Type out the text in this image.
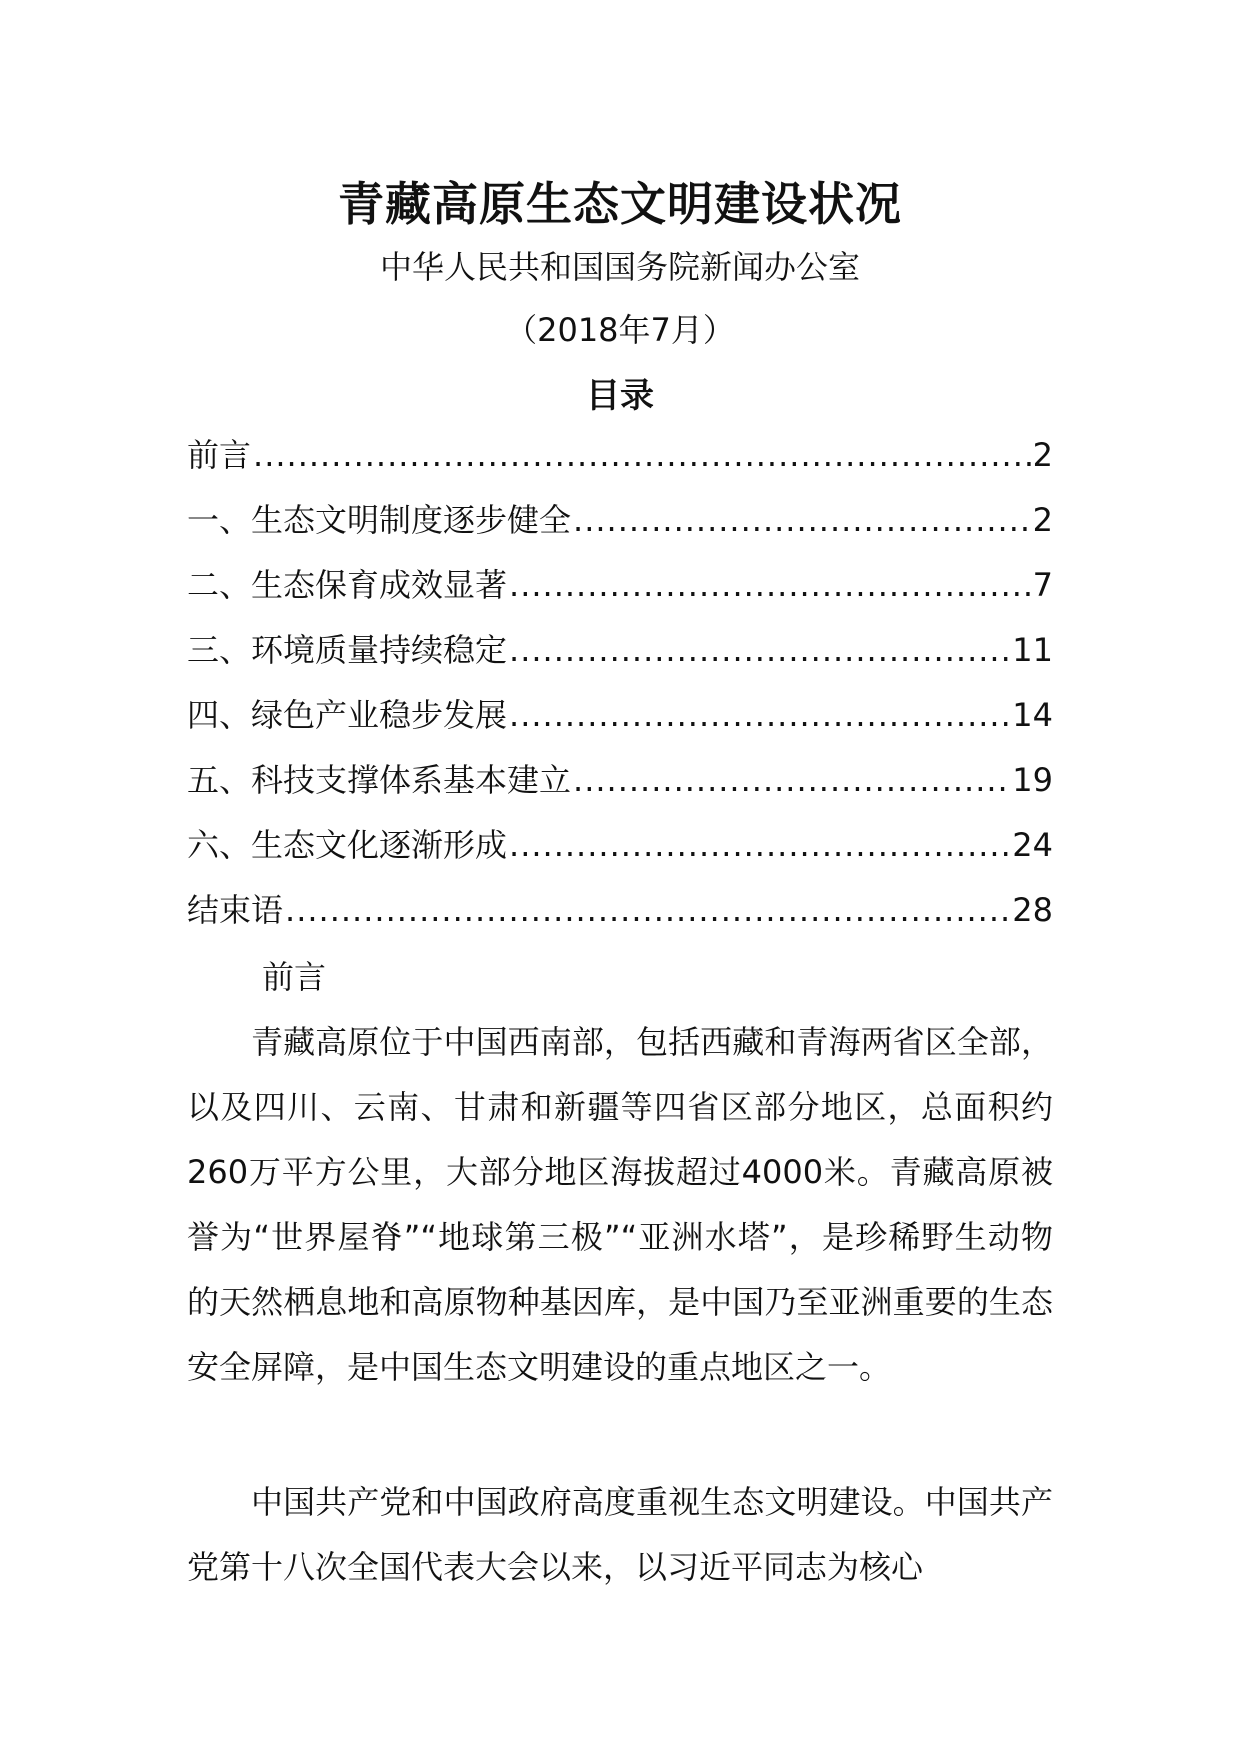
青藏高原生态文明建设状况
中华人民共和国国务院新闻办公室
（2018年7月）
目录
前言 .....	2
一、生态文明制度逐步健全 .....	2
二、生态保育成效显著 .....	7
三、环境质量持续稳定 .....	11
四、绿色产业稳步发展 .....	14
五、科技支撑体系基本建立 .....	19
六、生态文化逐渐形成 .....	24
结束语 .....	28
前言

青藏高原位于中国西南部，包括西藏和青海两省区全部，以及四川、云南、甘肃和新疆等四省区部分地区，总面积约260万平方公里，大部分地区海拔超过4000米。青藏高原被誉为“世界屋脊”“地球第三极”“亚洲水塔”，是珍稀野生动物的天然栖息地和高原物种基因库，是中国乃至亚洲重要的生态安全屏障，是中国生态文明建设的重点地区之一。

中国共产党和中国政府高度重视生态文明建设。中国共产党第十八次全国代表大会以来，以习近平同志为核心
